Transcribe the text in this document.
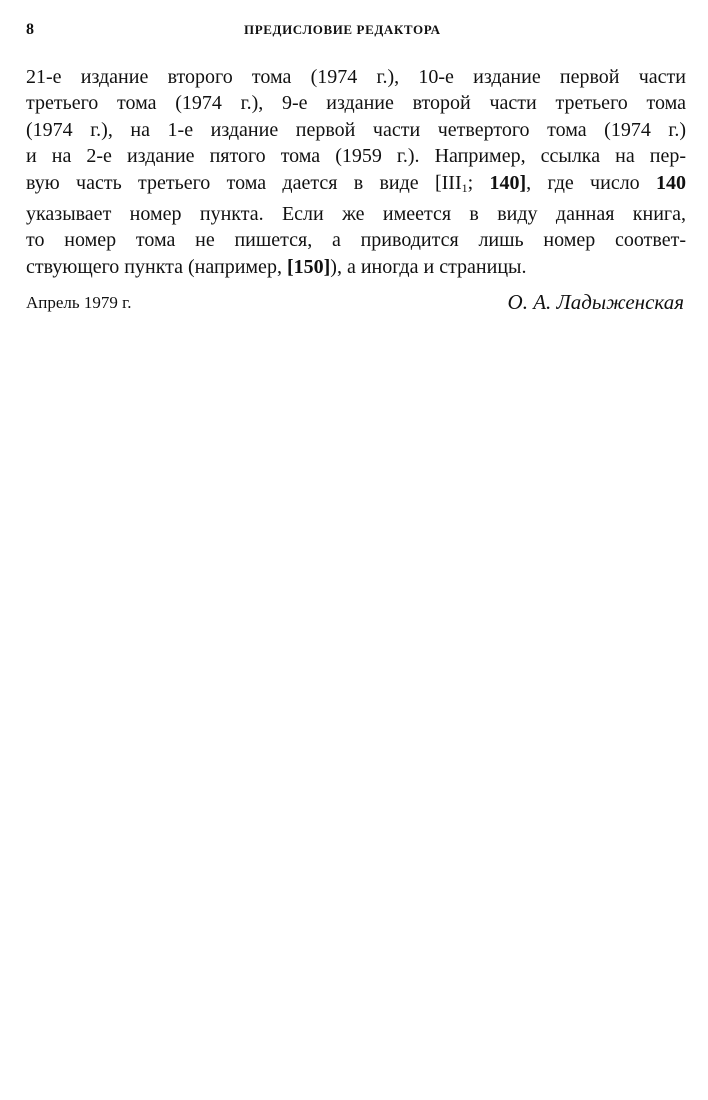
8	ПРЕДИСЛОВИЕ РЕДАКТОРА

21-е издание второго тома (1974 г.), 10-е издание первой части
третьего тома (1974 г.), 9-е издание второй части третьего тома
(1974 г.), на 1-е издание первой части четвертого тома (1974 г.)
и на 2-е издание пятого тома (1959 г.). Например, ссылка на пер-
вую часть третьего тома дается в виде [$III_1$; 140], где число 140
указывает номер пункта. Если же имеется в виду данная книга,
то номер тома не пишется, а приводится лишь номер соответ-
ствующего пункта (например, [150]), а иногда и страницы.

Апрель 1979 г.	О. А. Ладыженская
